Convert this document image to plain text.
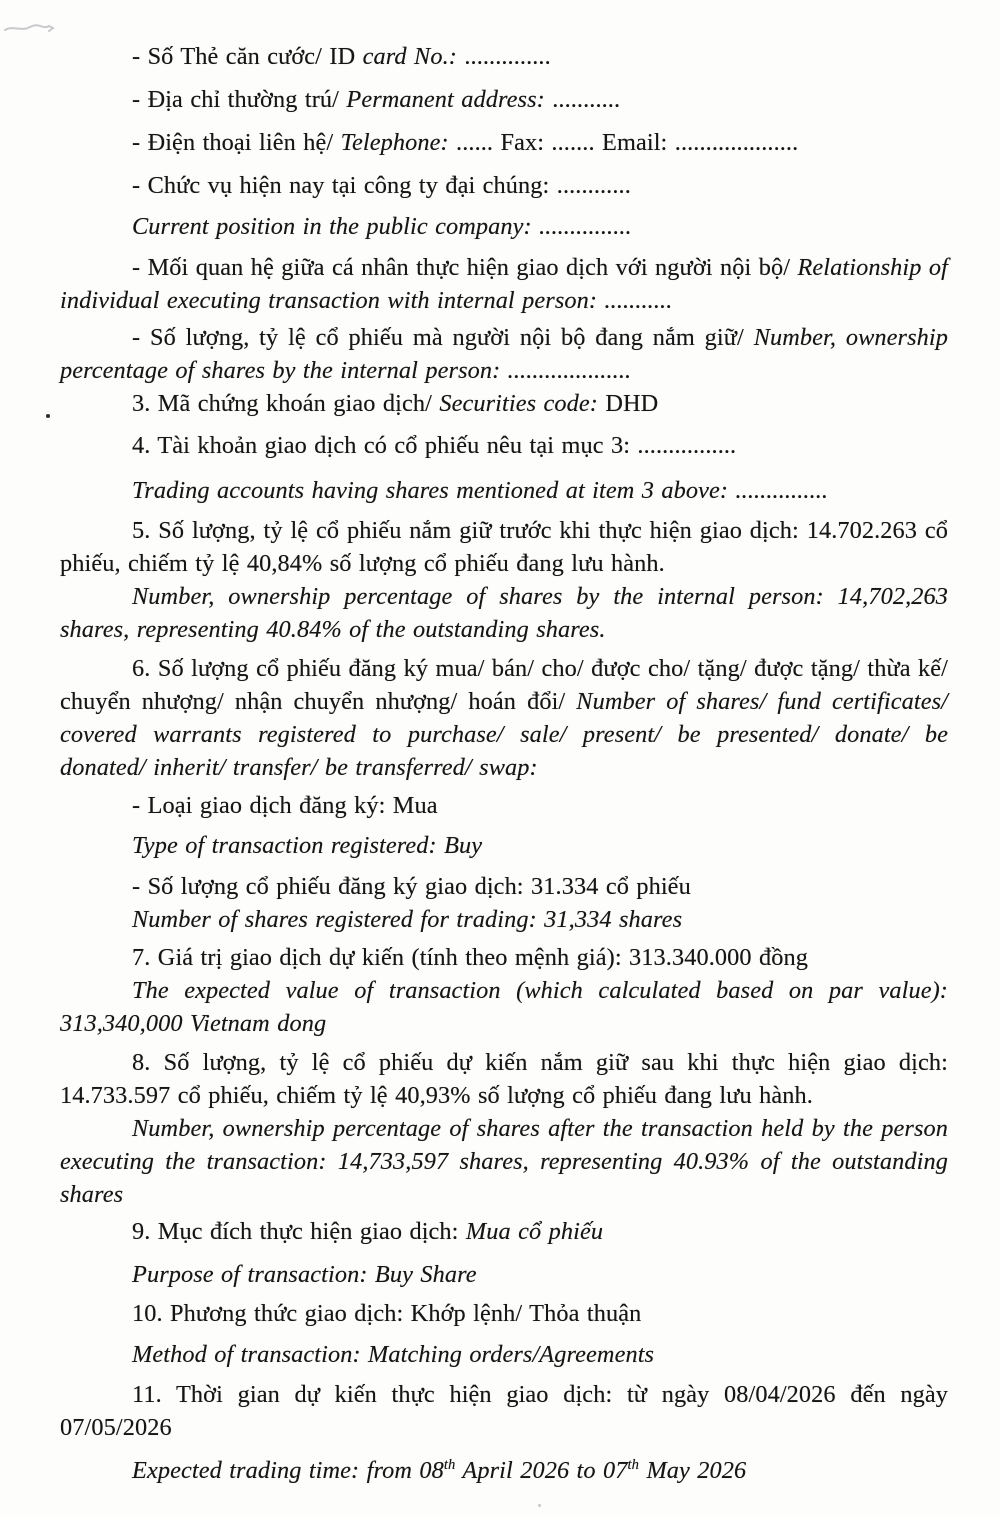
- Số Thẻ căn cước/ ID card No.: ..............

- Địa chỉ thường trú/ Permanent address: ...........

- Điện thoại liên hệ/ Telephone: ...... Fax: ....... Email: ....................

- Chức vụ hiện nay tại công ty đại chúng: ............

Current position in the public company: ...............

- Mối quan hệ giữa cá nhân thực hiện giao dịch với người nội bộ/ Relationship of individual executing transaction with internal person: ...........

- Số lượng, tỷ lệ cổ phiếu mà người nội bộ đang nắm giữ/ Number, ownership percentage of shares by the internal person: ....................

3. Mã chứng khoán giao dịch/ Securities code: DHD

4. Tài khoản giao dịch có cổ phiếu nêu tại mục 3: ................

Trading accounts having shares mentioned at item 3 above: ...............

5. Số lượng, tỷ lệ cổ phiếu nắm giữ trước khi thực hiện giao dịch: 14.702.263 cổ phiếu, chiếm tỷ lệ 40,84% số lượng cổ phiếu đang lưu hành.

Number, ownership percentage of shares by the internal person: 14,702,263 shares, representing 40.84% of the outstanding shares.

6. Số lượng cổ phiếu đăng ký mua/ bán/ cho/ được cho/ tặng/ được tặng/ thừa kế/ chuyển nhượng/ nhận chuyển nhượng/ hoán đổi/ Number of shares/ fund certificates/ covered warrants registered to purchase/ sale/ present/ be presented/ donate/ be donated/ inherit/ transfer/ be transferred/ swap:

- Loại giao dịch đăng ký: Mua

Type of transaction registered: Buy

- Số lượng cổ phiếu đăng ký giao dịch: 31.334 cổ phiếu

Number of shares registered for trading: 31,334 shares

7. Giá trị giao dịch dự kiến (tính theo mệnh giá): 313.340.000 đồng

The expected value of transaction (which calculated based on par value): 313,340,000 Vietnam dong

8. Số lượng, tỷ lệ cổ phiếu dự kiến nắm giữ sau khi thực hiện giao dịch: 14.733.597 cổ phiếu, chiếm tỷ lệ 40,93% số lượng cổ phiếu đang lưu hành.

Number, ownership percentage of shares after the transaction held by the person executing the transaction: 14,733,597 shares, representing 40.93% of the outstanding shares

9. Mục đích thực hiện giao dịch: Mua cổ phiếu

Purpose of transaction: Buy Share

10. Phương thức giao dịch: Khớp lệnh/ Thỏa thuận

Method of transaction: Matching orders/Agreements

11. Thời gian dự kiến thực hiện giao dịch: từ ngày 08/04/2026 đến ngày 07/05/2026

Expected trading time: from 08th April 2026 to 07th May 2026
